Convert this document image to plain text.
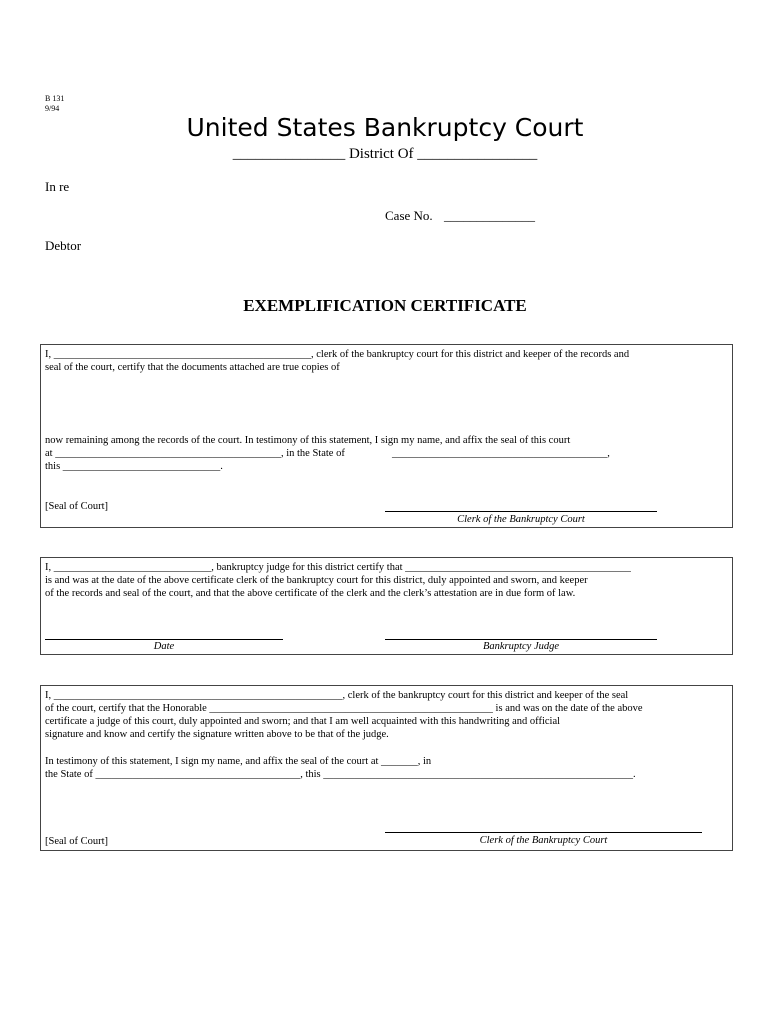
B 131
9/94
United States Bankruptcy Court
_______________ District Of ________________
In re
Case No. ______________
Debtor
EXEMPLIFICATION CERTIFICATE
I, _________________________________________________, clerk of the bankruptcy court for this district and keeper of the records and
seal of the court, certify that the documents attached are true copies of
now remaining among the records of the court. In testimony of this statement, I sign my name, and affix the seal of this court
at ___________________________________________, in the State of	_________________________________________,
this ______________________________.
[Seal of Court]
Clerk of the Bankruptcy Court
I, ______________________________, bankruptcy judge for this district certify that ___________________________________________
is and was at the date of the above certificate clerk of the bankruptcy court for this district, duly appointed and sworn, and keeper
of the records and seal of the court, and that the above certificate of the clerk and the clerk’s attestation are in due form of law.
Date	Bankruptcy Judge
I, _______________________________________________________, clerk of the bankruptcy court for this district and keeper of the seal
of the court, certify that the Honorable ______________________________________________________ is and was on the date of the above
certificate a judge of this court, duly appointed and sworn; and that I am well acquainted with this handwriting and official
signature and know and certify the signature written above to be that of the judge.
In testimony of this statement, I sign my name, and affix the seal of the court at _______, in
the State of _______________________________________, this ___________________________________________________________.
[Seal of Court]	Clerk of the Bankruptcy Court
